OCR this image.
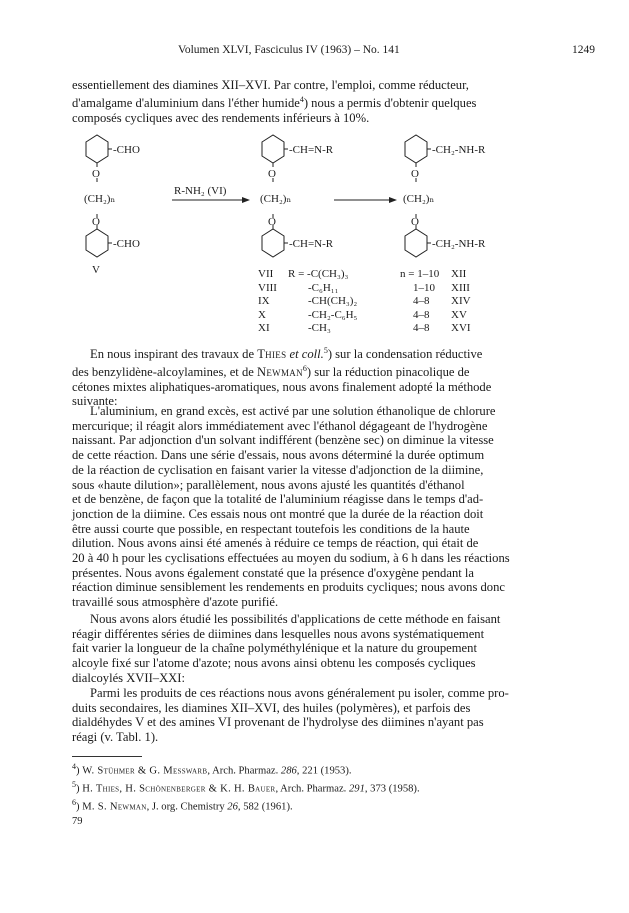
Volumen XLVI, Fasciculus IV (1963) – No. 141	1249
essentiellement des diamines XII–XVI. Par contre, l'emploi, comme réducteur,
d'amalgame d'aluminium dans l'éther humide$^4$) nous a permis d'obtenir quelques
composés cycliques avec des rendements inférieurs à 10%.
-CHO
O
(CH₂)ₙ
O
-CHO
V
R-NH₂ (VI)
-CH=N-R
O
(CH₂)ₙ
O
-CH=N-R
-CH₂-NH-R
O
(CH₂)ₙ
O
-CH₂-NH-R
VII R = -C(CH₃)₃	n = 1–10 XII
VIII	-C₆H₁₁	1–10 XIII
IX	-CH(CH₃)₂	4–8 XIV
X	-CH₂-C₆H₅	4–8 XV
XI	-CH₃	4–8 XVI
En nous inspirant des travaux de Thies et coll.$^5$) sur la condensation réductive
des benzylidène-alcoylamines, et de Newman$^6$) sur la réduction pinacolique de
cétones mixtes aliphatiques-aromatiques, nous avons finalement adopté la méthode
suivante:
L'aluminium, en grand excès, est activé par une solution éthanolique de chlorure
mercurique; il réagit alors immédiatement avec l'éthanol dégageant de l'hydrogène
naissant. Par adjonction d'un solvant indifférent (benzène sec) on diminue la vitesse
de cette réaction. Dans une série d'essais, nous avons déterminé la durée optimum
de la réaction de cyclisation en faisant varier la vitesse d'adjonction de la diimine,
sous «haute dilution»; parallèlement, nous avons ajusté les quantités d'éthanol
et de benzène, de façon que la totalité de l'aluminium réagisse dans le temps d'ad-
jonction de la diimine. Ces essais nous ont montré que la durée de la réaction doit
être aussi courte que possible, en respectant toutefois les conditions de la haute
dilution. Nous avons ainsi été amenés à réduire ce temps de réaction, qui était de
20 à 40 h pour les cyclisations effectuées au moyen du sodium, à 6 h dans les réactions
présentes. Nous avons également constaté que la présence d'oxygène pendant la
réaction diminue sensiblement les rendements en produits cycliques; nous avons donc
travaillé sous atmosphère d'azote purifié.
Nous avons alors étudié les possibilités d'applications de cette méthode en faisant
réagir différentes séries de diimines dans lesquelles nous avons systématiquement
fait varier la longueur de la chaîne polyméthylénique et la nature du groupement
alcoyle fixé sur l'atome d'azote; nous avons ainsi obtenu les composés cycliques
dialcoylés XVII–XXI:
Parmi les produits de ces réactions nous avons généralement pu isoler, comme pro-
duits secondaires, les diamines XII–XVI, des huiles (polymères), et parfois des
dialdéhydes V et des amines VI provenant de l'hydrolyse des diimines n'ayant pas
réagi (v. Tabl. 1).
$^4$) W. Stühmer & G. Messwarb, Arch. Pharmaz. 286, 221 (1953).
$^5$) H. Thies, H. Schönenberger & K. H. Bauer, Arch. Pharmaz. 291, 373 (1958).
$^6$) M. S. Newman, J. org. Chemistry 26, 582 (1961).
79
